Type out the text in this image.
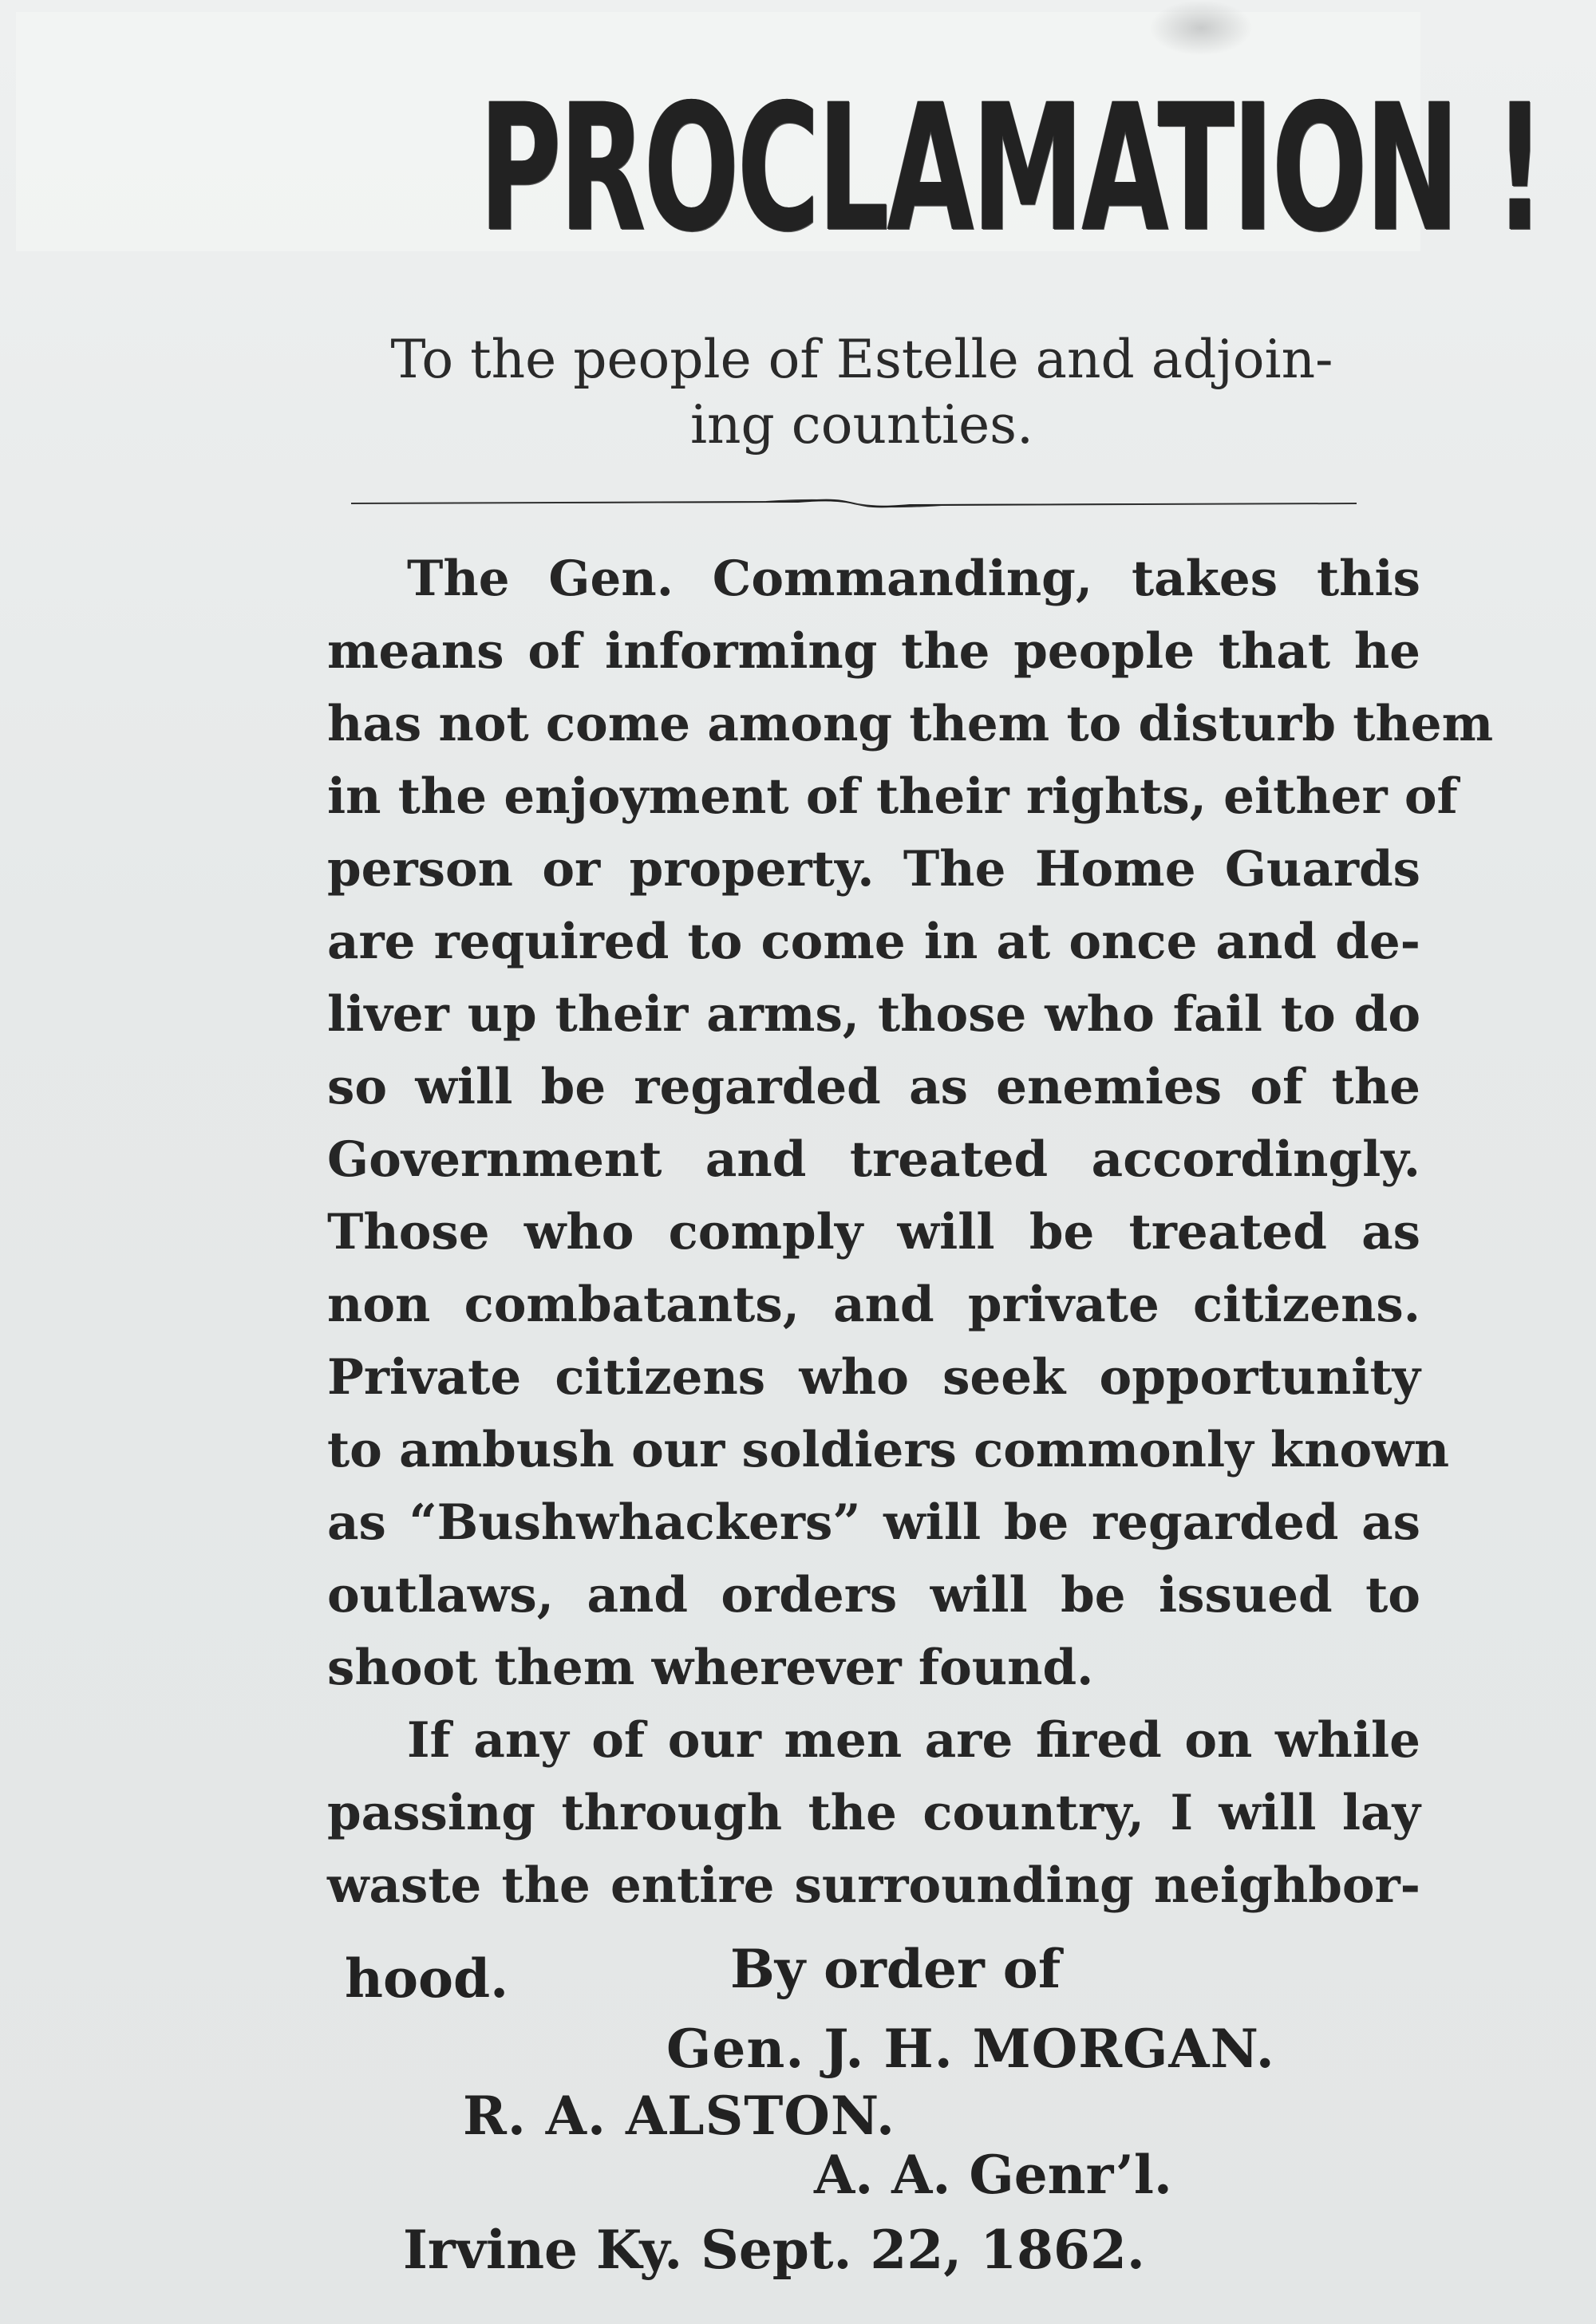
PROCLAMATION !
To the people of Estelle and adjoin-
ing counties.
The Gen. Commanding, takes this
means of informing the people that he
has not come among them to disturb them
in the enjoyment of their rights, either of
person or property. The Home Guards
are required to come in at once and de-
liver up their arms, those who fail to do
so will be regarded as enemies of the
Government and treated accordingly.
Those who comply will be treated as
non combatants, and private citizens.
Private citizens who seek opportunity
to ambush our soldiers commonly known
as “Bushwhackers” will be regarded as
outlaws, and orders will be issued to
shoot them wherever found.
If any of our men are fired on while
passing through the country, I will lay
waste the entire surrounding neighbor-
hood.	By order of
Gen. J. H. MORGAN.
R. A. ALSTON.
A. A. Genr’l.
Irvine Ky. Sept. 22, 1862.
